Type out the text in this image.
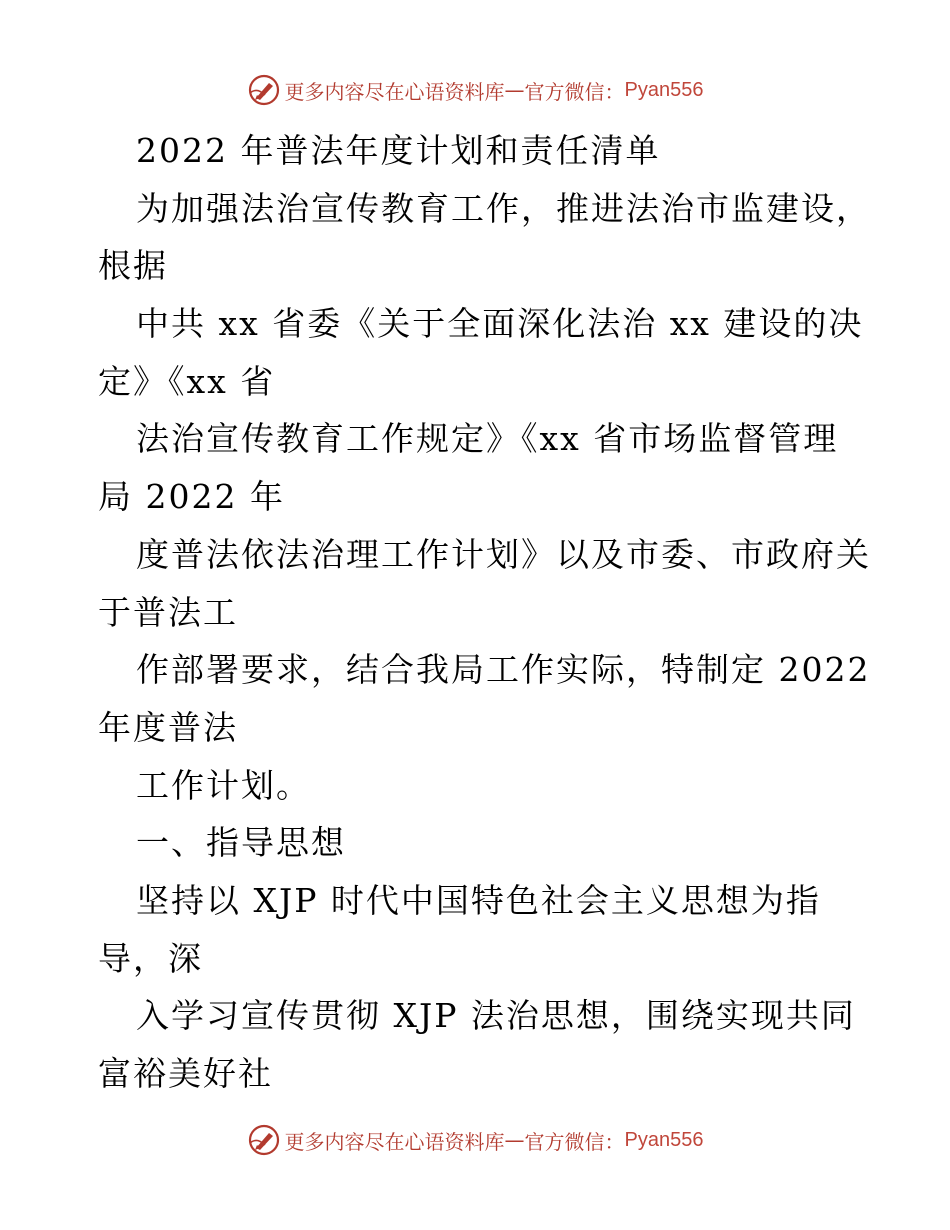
更多内容尽在心语资料库 — 官方微信： Pyan556
2022 年普法年度计划和责任清单
为加强法治宣传教育工作，推进法治市监建设，
根据
中共 xx 省委《关于全面深化法治 xx 建设的决
定》《xx 省
法治宣传教育工作规定》《xx 省市场监督管理
局 2022 年
度普法依法治理工作计划》以及市委、市政府关
于普法工
作部署要求，结合我局工作实际，特制定 2022
年度普法
工作计划。
一、指导思想
坚持以 XJP 时代中国特色社会主义思想为指
导，深
入学习宣传贯彻 XJP 法治思想，围绕实现共同
富裕美好社
更多内容尽在心语资料库 — 官方微信： Pyan556
